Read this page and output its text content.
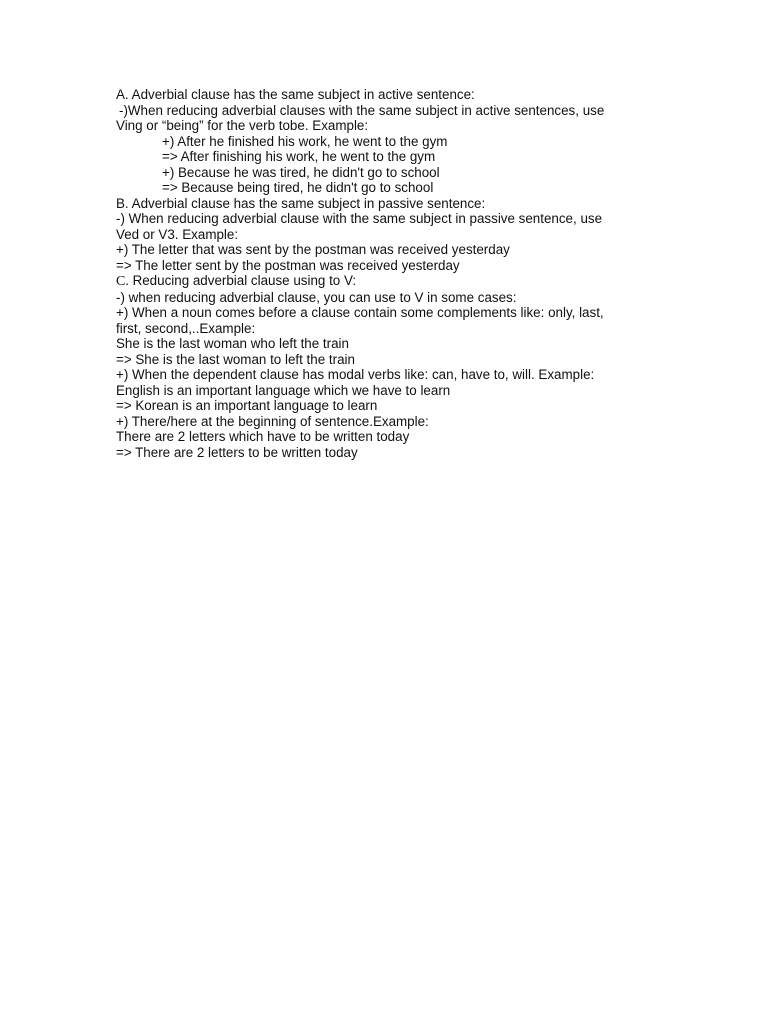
A. Adverbial clause has the same subject in active sentence:

-)When reducing adverbial clauses with the same subject in active sentences, use

Ving or “being” for the verb tobe. Example:

+) After he finished his work, he went to the gym

=> After finishing his work, he went to the gym

+) Because he was tired, he didn't go to school

=> Because being tired, he didn't go to school

B. Adverbial clause has the same subject in passive sentence:

-) When reducing adverbial clause with the same subject in passive sentence, use

Ved or V3. Example:

+) The letter that was sent by the postman was received yesterday

=> The letter sent by the postman was received yesterday

C. Reducing adverbial clause using to V:

-) when reducing adverbial clause, you can use to V in some cases:

+) When a noun comes before a clause contain some complements like: only, last,

first, second,..Example:

She is the last woman who left the train

=> She is the last woman to left the train

+) When the dependent clause has modal verbs like: can, have to, will. Example:

English is an important language which we have to learn

=> Korean is an important language to learn

+) There/here at the beginning of sentence.Example:

There are 2 letters which have to be written today

=> There are 2 letters to be written today
